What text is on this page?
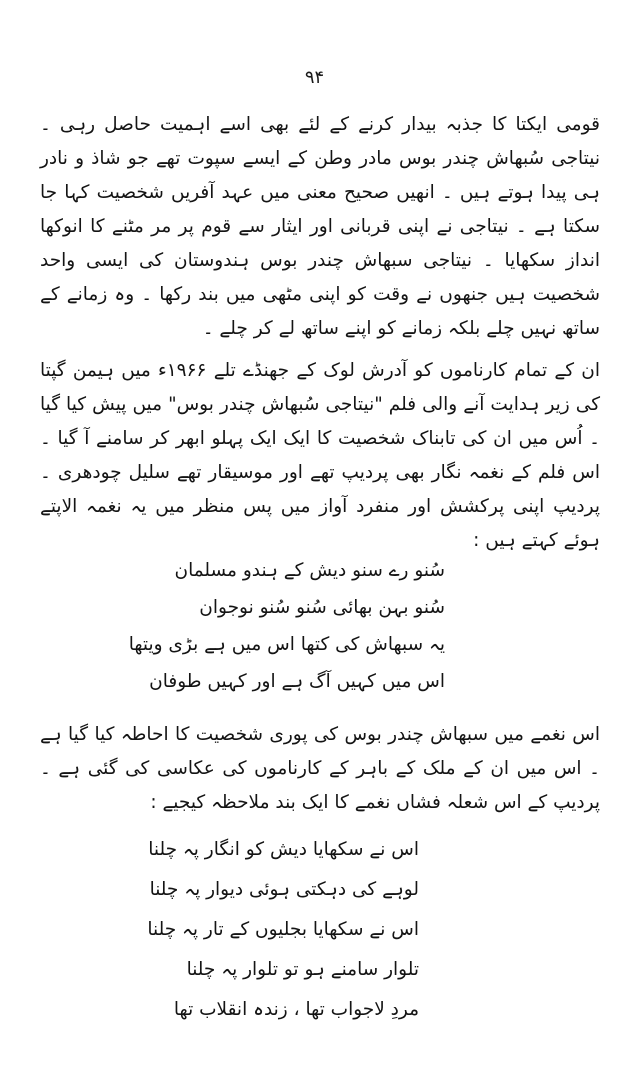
۹۴

قومی ایکتا کا جذبہ بیدار کرنے کے لئے بھی اسے اہمیت حاصل رہی ۔ نیتاجی سُبھاش چندر بوس مادر وطن کے ایسے سپوت تھے جو شاذ و نادر ہی پیدا ہوتے ہیں ۔ انھیں صحیح معنی میں عہد آفریں شخصیت کہا جا سکتا ہے ۔ نیتاجی نے اپنی قربانی اور ایثار سے قوم پر مر مٹنے کا انوکھا انداز سکھایا ۔ نیتاجی سبھاش چندر بوس ہندوستان کی ایسی واحد شخصیت ہیں جنھوں نے وقت کو اپنی مٹھی میں بند رکھا ۔ وہ زمانے کے ساتھ نہیں چلے بلکہ زمانے کو اپنے ساتھ لے کر چلے ۔

ان کے تمام کارناموں کو آدرش لوک کے جھنڈے تلے ۱۹۶۶ء میں ہیمن گپتا کی زیر ہدایت آنے والی فلم "نیتاجی سُبھاش چندر بوس" میں پیش کیا گیا ۔ اُس میں ان کی تابناک شخصیت کا ایک ایک پہلو ابھر کر سامنے آ گیا ۔ اس فلم کے نغمہ نگار بھی پردیپ تھے اور موسیقار تھے سلیل چودھری ۔ پردیپ اپنی پرکشش اور منفرد آواز میں پس منظر میں یہ نغمہ الاپتے ہوئے کہتے ہیں :

سُنو رے سنو دیش کے ہندو مسلمان
سُنو بہن بھائی سُنو سُنو نوجوان
یہ سبھاش کی کتھا اس میں ہے بڑی ویتھا
اس میں کہیں آگ ہے اور کہیں طوفان

اس نغمے میں سبھاش چندر بوس کی پوری شخصیت کا احاطہ کیا گیا ہے ۔ اس میں ان کے ملک کے باہر کے کارناموں کی عکاسی کی گئی ہے ۔ پردیپ کے اس شعلہ فشاں نغمے کا ایک بند ملاحظہ کیجیے :

اس نے سکھایا دیش کو انگار پہ چلنا
لوہے کی دہکتی ہوئی دیوار پہ چلنا
اس نے سکھایا بجلیوں کے تار پہ چلنا
تلوار سامنے ہو تو تلوار پہ چلنا
مردِ لاجواب تھا ، زندہ انقلاب تھا
